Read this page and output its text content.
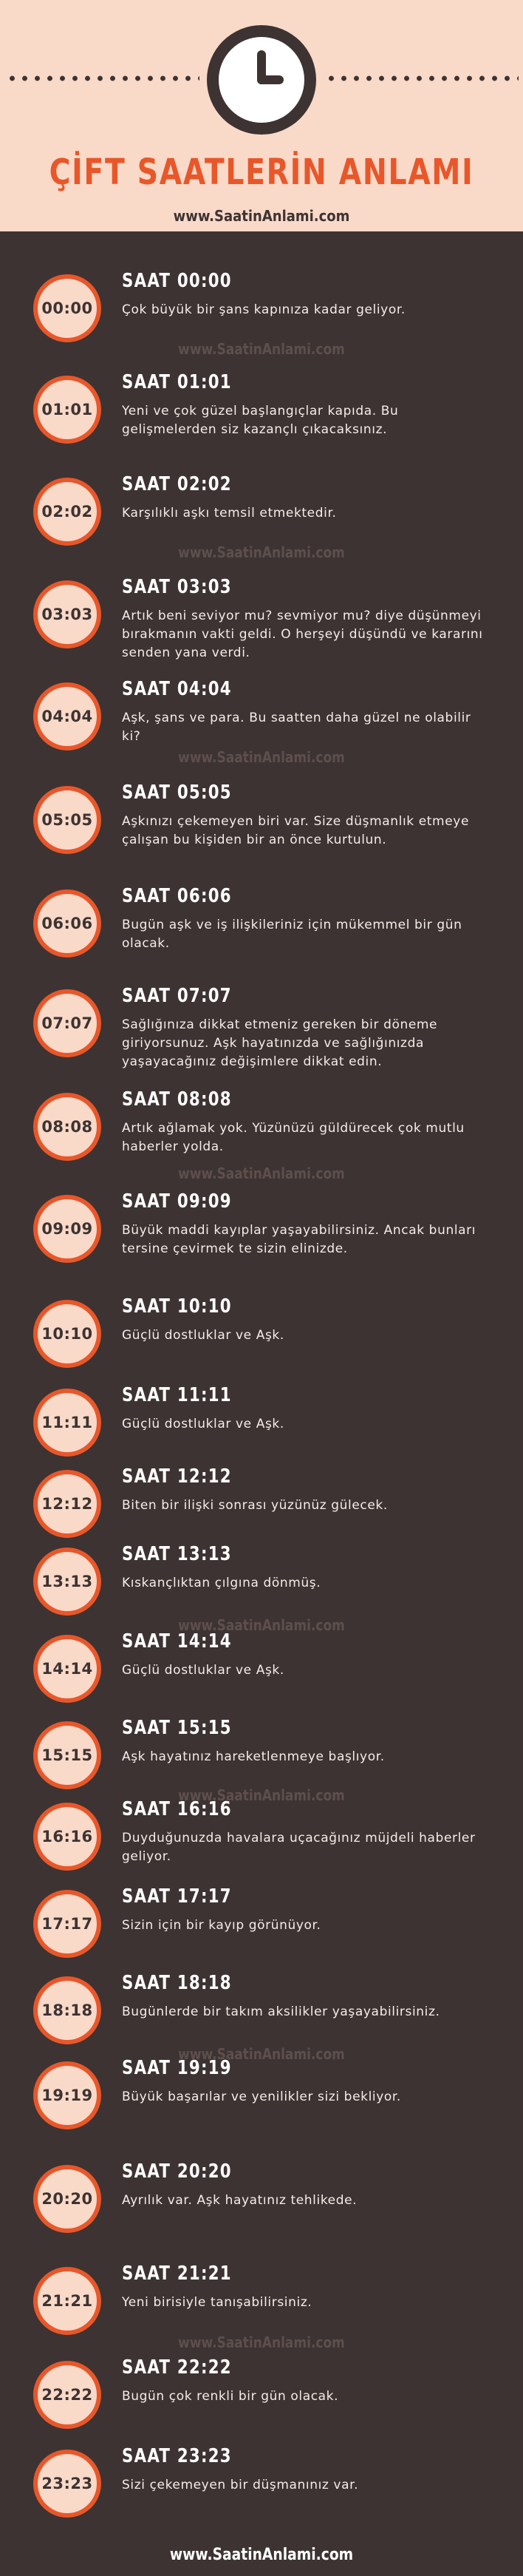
ÇİFT SAATLERİN ANLAMI
www.SaatinAnlami.com
00:00
SAAT 00:00
Çok büyük bir şans kapınıza kadar geliyor.
01:01
SAAT 01:01
Yeni ve çok güzel başlangıçlar kapıda. Bu gelişmelerden siz kazançlı çıkacaksınız.
02:02
SAAT 02:02
Karşılıklı aşkı temsil etmektedir.
03:03
SAAT 03:03
Artık beni seviyor mu? sevmiyor mu? diye düşünmeyi bırakmanın vakti geldi. O herşeyi düşündü ve kararını senden yana verdi.
04:04
SAAT 04:04
Aşk, şans ve para. Bu saatten daha güzel ne olabilir ki?
05:05
SAAT 05:05
Aşkınızı çekemeyen biri var. Size düşmanlık etmeye çalışan bu kişiden bir an önce kurtulun.
06:06
SAAT 06:06
Bugün aşk ve iş ilişkileriniz için mükemmel bir gün olacak.
07:07
SAAT 07:07
Sağlığınıza dikkat etmeniz gereken bir döneme giriyorsunuz. Aşk hayatınızda ve sağlığınızda yaşayacağınız değişimlere dikkat edin.
08:08
SAAT 08:08
Artık ağlamak yok. Yüzünüzü güldürecek çok mutlu haberler yolda.
09:09
SAAT 09:09
Büyük maddi kayıplar yaşayabilirsiniz. Ancak bunları tersine çevirmek te sizin elinizde.
10:10
SAAT 10:10
Güçlü dostluklar ve Aşk.
11:11
SAAT 11:11
Güçlü dostluklar ve Aşk.
12:12
SAAT 12:12
Biten bir ilişki sonrası yüzünüz gülecek.
13:13
SAAT 13:13
Kıskançlıktan çılgına dönmüş.
14:14
SAAT 14:14
Güçlü dostluklar ve Aşk.
15:15
SAAT 15:15
Aşk hayatınız hareketlenmeye başlıyor.
16:16
SAAT 16:16
Duyduğunuzda havalara uçacağınız müjdeli haberler geliyor.
17:17
SAAT 17:17
Sizin için bir kayıp görünüyor.
18:18
SAAT 18:18
Bugünlerde bir takım aksilikler yaşayabilirsiniz.
19:19
SAAT 19:19
Büyük başarılar ve yenilikler sizi bekliyor.
20:20
SAAT 20:20
Ayrılık var. Aşk hayatınız tehlikede.
21:21
SAAT 21:21
Yeni birisiyle tanışabilirsiniz.
22:22
SAAT 22:22
Bugün çok renkli bir gün olacak.
23:23
SAAT 23:23
Sizi çekemeyen bir düşmanınız var.
www.SaatinAnlami.com
www.SaatinAnlami.com
www.SaatinAnlami.com
www.SaatinAnlami.com
www.SaatinAnlami.com
www.SaatinAnlami.com
www.SaatinAnlami.com
www.SaatinAnlami.com
www.SaatinAnlami.com
